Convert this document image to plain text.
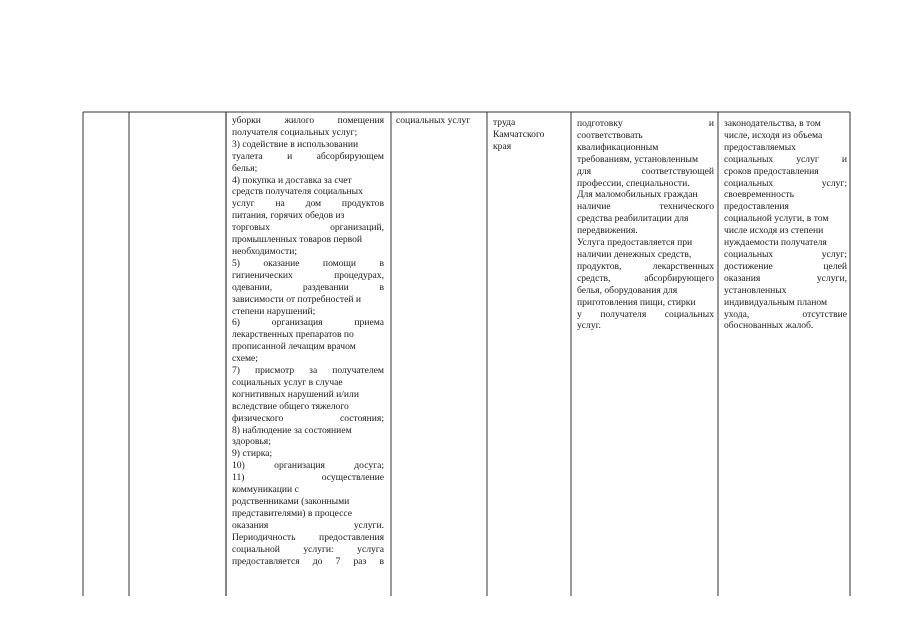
уборки жилого помещения

получателя социальных услуг;

3) содействие в использовании

туалета и абсорбирующем

белья;

4) покупка и доставка за счет

средств получателя социальных

услуг на дом продуктов

питания, горячих обедов из

торговых организаций,

промышленных товаров первой

необходимости;

5) оказание помощи в

гигиенических процедурах,

одевании, раздевании в

зависимости от потребностей и

степени нарушений;

6) организация приема

лекарственных препаратов по

прописанной лечащим врачом

схеме;

7) присмотр за получателем

социальных услуг в случае

когнитивных нарушений и/или

вследствие общего тяжелого

физического состояния;

8) наблюдение за состоянием

здоровья;

9) стирка;

10) организация досуга;

11) осуществление

коммуникации с

родственниками (законными

представителями) в процессе

оказания услуги.

Периодичность предоставления социальной услуги: услуга предоставляется до 7 раз в

социальных услуг	труда

Камчатского

края

подготовку и

соответствовать

квалификационным

требованиям, установленным

для соответствующей

профессии, специальности.

Для маломобильных граждан

наличие технического

средства реабилитации для

передвижения.

Услуга предоставляется при

наличии денежных средств,

продуктов, лекарственных

средств, абсорбирующего

белья, оборудования для

приготовления пищи, стирки

у получателя социальных

услуг.

законодательства, в том

числе, исходя из объема

предоставляемых

социальных услуг и

сроков предоставления

социальных услуг;

своевременность

предоставления

социальной услуги, в том

числе исходя из степени

нуждаемости получателя

социальных услуг;

достижение целей

оказания услуги,

установленных

индивидуальным планом

ухода, отсутствие

обоснованных жалоб.
